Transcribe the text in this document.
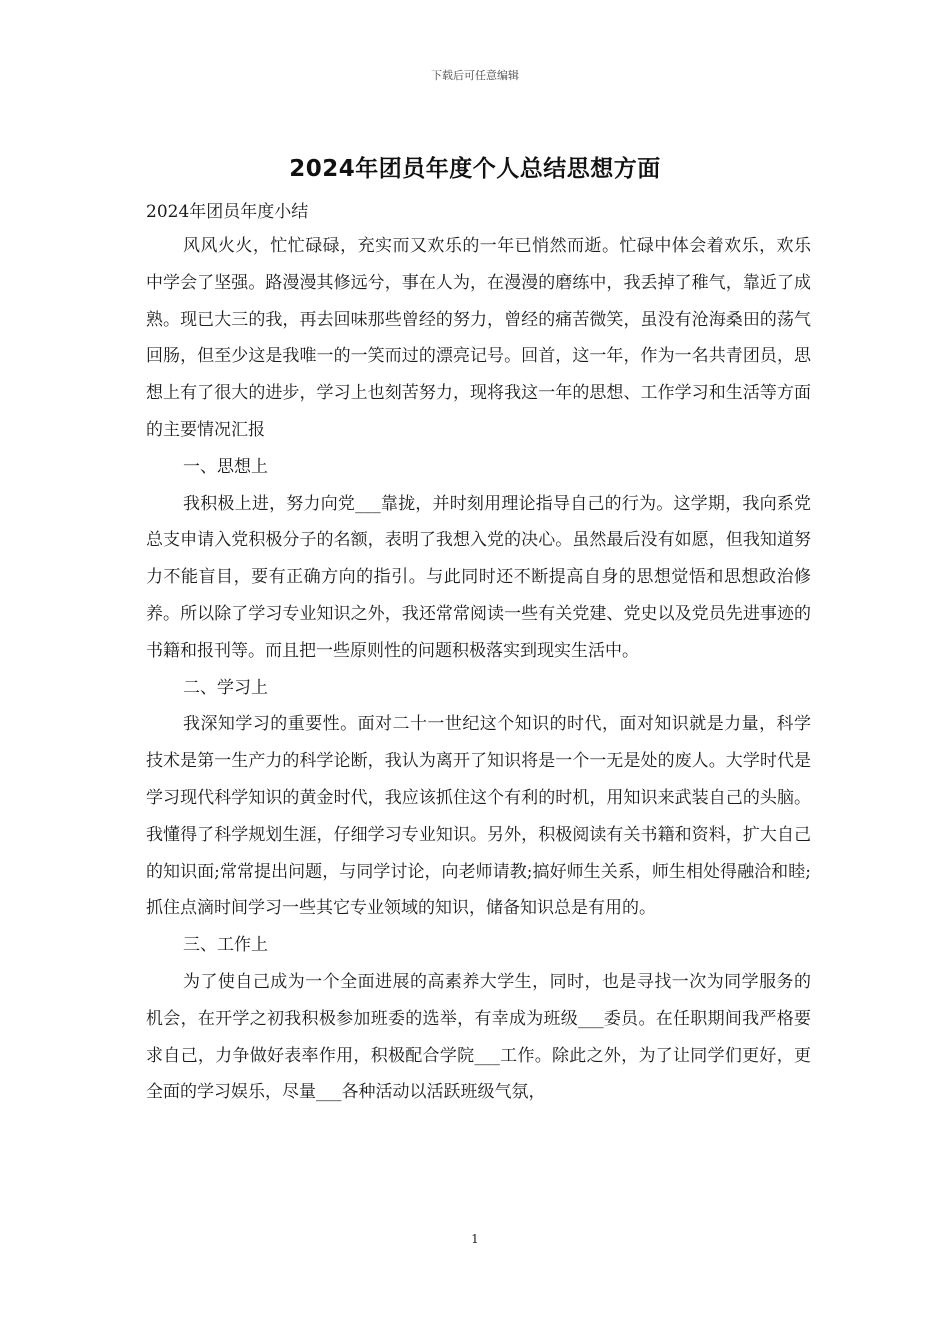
下载后可任意编辑
2024年团员年度个人总结思想方面

2024年团员年度小结

风风火火，忙忙碌碌，充实而又欢乐的一年已悄然而逝。忙碌中体会着欢乐，欢乐中学会了坚强。路漫漫其修远兮，事在人为，在漫漫的磨练中，我丢掉了稚气，靠近了成熟。现已大三的我，再去回味那些曾经的努力，曾经的痛苦微笑，虽没有沧海桑田的荡气回肠，但至少这是我唯一的一笑而过的漂亮记号。回首，这一年，作为一名共青团员，思想上有了很大的进步，学习上也刻苦努力，现将我这一年的思想、工作学习和生活等方面的主要情况汇报

一、思想上

我积极上进，努力向党___靠拢，并时刻用理论指导自己的行为。这学期，我向系党总支申请入党积极分子的名额，表明了我想入党的决心。虽然最后没有如愿，但我知道努力不能盲目，要有正确方向的指引。与此同时还不断提高自身的思想觉悟和思想政治修养。所以除了学习专业知识之外，我还常常阅读一些有关党建、党史以及党员先进事迹的书籍和报刊等。而且把一些原则性的问题积极落实到现实生活中。

二、学习上

我深知学习的重要性。面对二十一世纪这个知识的时代，面对知识就是力量，科学技术是第一生产力的科学论断，我认为离开了知识将是一个一无是处的废人。大学时代是学习现代科学知识的黄金时代，我应该抓住这个有利的时机，用知识来武装自己的头脑。我懂得了科学规划生涯，仔细学习专业知识。另外，积极阅读有关书籍和资料，扩大自己的知识面;常常提出问题，与同学讨论，向老师请教;搞好师生关系，师生相处得融洽和睦;抓住点滴时间学习一些其它专业领域的知识，储备知识总是有用的。

三、工作上

为了使自己成为一个全面进展的高素养大学生，同时，也是寻找一次为同学服务的机会，在开学之初我积极参加班委的选举，有幸成为班级___委员。在任职期间我严格要求自己，力争做好表率作用，积极配合学院___工作。除此之外，为了让同学们更好，更全面的学习娱乐，尽量___各种活动以活跃班级气氛，

1
